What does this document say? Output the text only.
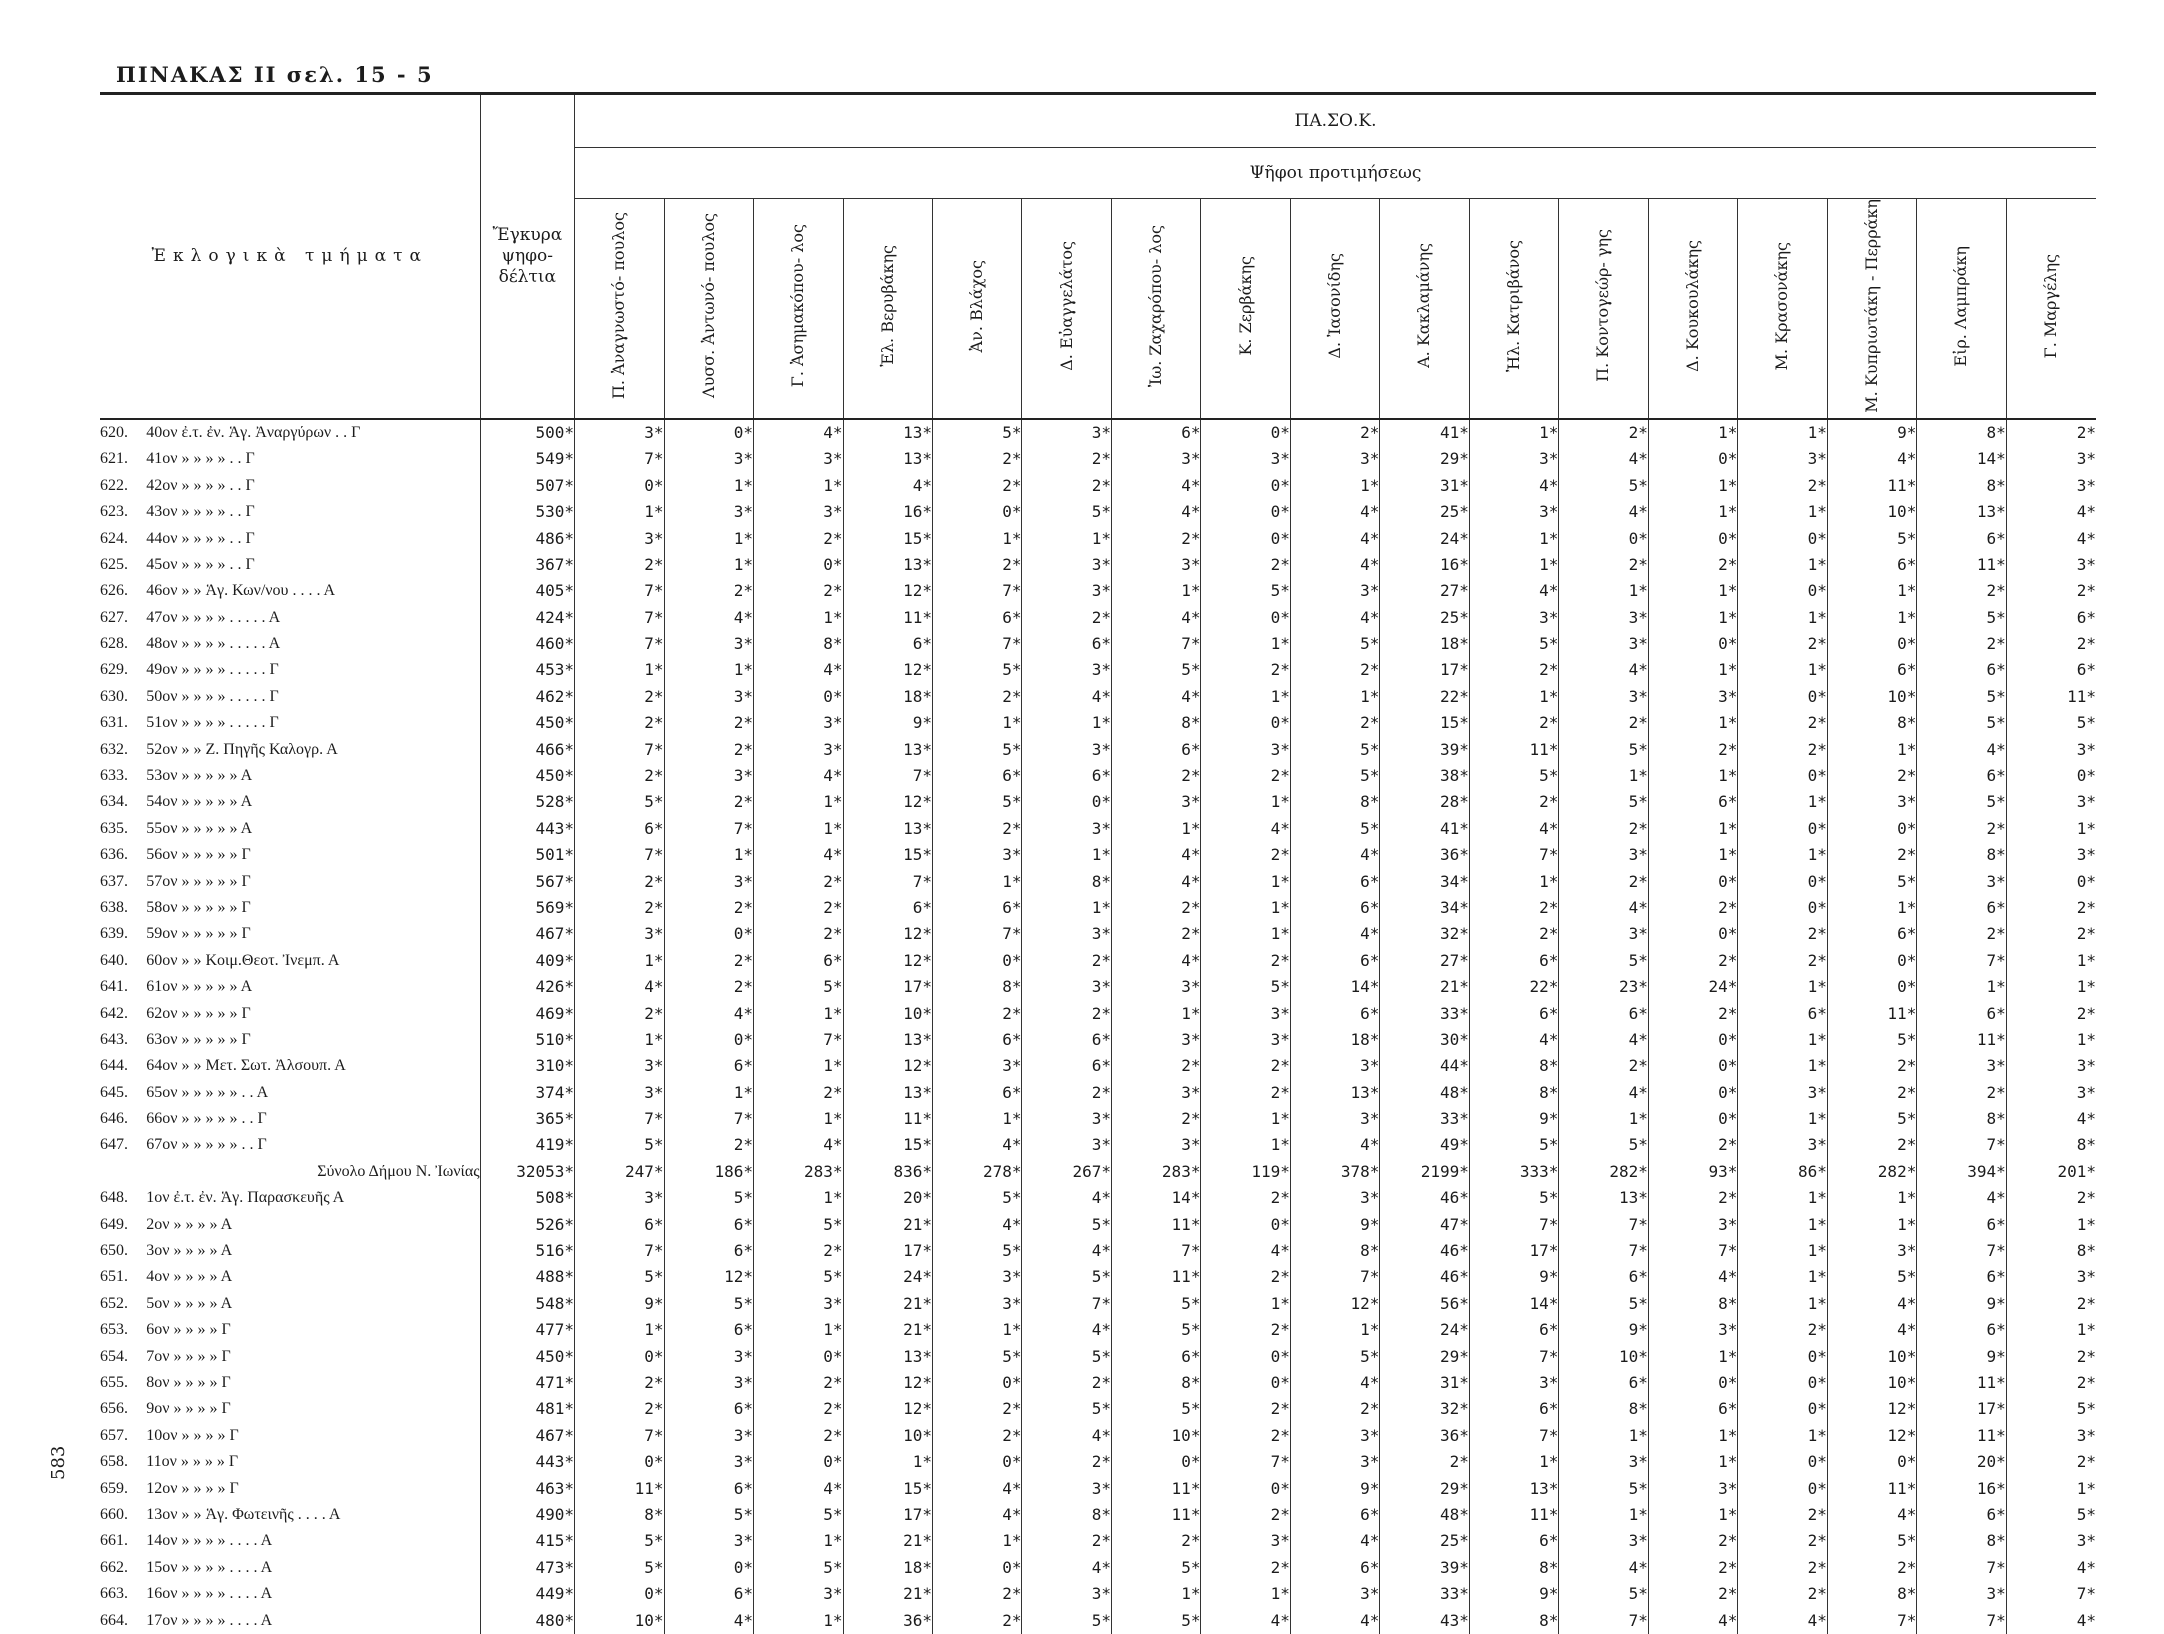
ΠΙΝΑΚΑΣ ΙΙ σελ. 15 - 5
583
Ἐκλογικὰ τμήματα		Ἔγκυρα ψηφο- δέλτια	ΠΑ.ΣΟ.Κ.																
			Ψῆφοι προτιμήσεως																
			Π. Ἀναγνωστό- πουλος	Λυσσ. Ἀντωνό- πουλος	Γ. Ἀσημακόπου- λος	Ἐλ. Βερυβάκης	Ἀν. Βλάχος	Δ. Εὐαγγελάτος	Ἰω. Ζαχαρόπου- λος	Κ. Ζερβάκης	Δ. Ἰασονίδης	Α. Κακλαμάνης	Ἠλ. Κατριβάνος	Π. Κοντογεώρ- γης	Δ. Κουκουλάκης	Μ. Κρασονάκης	Μ. Κυπριωτάκη - Περράκη	Εἰρ. Λαμπράκη	Γ. Μαργέλης
620.	40ον ἐ.τ. ἐν. Ἁγ. Ἀναργύρων . . Γ	500*	3*	0*	4*	13*	5*	3*	6*	0*	2*	41*	1*	2*	1*	1*	9*	8*	2*
621.	41ον » » » » . . Γ	549*	7*	3*	3*	13*	2*	2*	3*	3*	3*	29*	3*	4*	0*	3*	4*	14*	3*
622.	42ον » » » » . . Γ	507*	0*	1*	1*	4*	2*	2*	4*	0*	1*	31*	4*	5*	1*	2*	11*	8*	3*
623.	43ον » » » » . . Γ	530*	1*	3*	3*	16*	0*	5*	4*	0*	4*	25*	3*	4*	1*	1*	10*	13*	4*
624.	44ον » » » » . . Γ	486*	3*	1*	2*	15*	1*	1*	2*	0*	4*	24*	1*	0*	0*	0*	5*	6*	4*
625.	45ον » » » » . . Γ	367*	2*	1*	0*	13*	2*	3*	3*	2*	4*	16*	1*	2*	2*	1*	6*	11*	3*
626.	46ον » » Ἁγ. Κων/νου . . . . Α	405*	7*	2*	2*	12*	7*	3*	1*	5*	3*	27*	4*	1*	1*	0*	1*	2*	2*
627.	47ον » » » » . . . . . Α	424*	7*	4*	1*	11*	6*	2*	4*	0*	4*	25*	3*	3*	1*	1*	1*	5*	6*
628.	48ον » » » » . . . . . Α	460*	7*	3*	8*	6*	7*	6*	7*	1*	5*	18*	5*	3*	0*	2*	0*	2*	2*
629.	49ον » » » » . . . . . Γ	453*	1*	1*	4*	12*	5*	3*	5*	2*	2*	17*	2*	4*	1*	1*	6*	6*	6*
630.	50ον » » » » . . . . . Γ	462*	2*	3*	0*	18*	2*	4*	4*	1*	1*	22*	1*	3*	3*	0*	10*	5*	11*
631.	51ον » » » » . . . . . Γ	450*	2*	2*	3*	9*	1*	1*	8*	0*	2*	15*	2*	2*	1*	2*	8*	5*	5*
632.	52ον » » Ζ. Πηγῆς Καλογρ. Α	466*	7*	2*	3*	13*	5*	3*	6*	3*	5*	39*	11*	5*	2*	2*	1*	4*	3*
633.	53ον » » » » » Α	450*	2*	3*	4*	7*	6*	6*	2*	2*	5*	38*	5*	1*	1*	0*	2*	6*	0*
634.	54ον » » » » » Α	528*	5*	2*	1*	12*	5*	0*	3*	1*	8*	28*	2*	5*	6*	1*	3*	5*	3*
635.	55ον » » » » » Α	443*	6*	7*	1*	13*	2*	3*	1*	4*	5*	41*	4*	2*	1*	0*	0*	2*	1*
636.	56ον » » » » » Γ	501*	7*	1*	4*	15*	3*	1*	4*	2*	4*	36*	7*	3*	1*	1*	2*	8*	3*
637.	57ον » » » » » Γ	567*	2*	3*	2*	7*	1*	8*	4*	1*	6*	34*	1*	2*	0*	0*	5*	3*	0*
638.	58ον » » » » » Γ	569*	2*	2*	2*	6*	6*	1*	2*	1*	6*	34*	2*	4*	2*	0*	1*	6*	2*
639.	59ον » » » » » Γ	467*	3*	0*	2*	12*	7*	3*	2*	1*	4*	32*	2*	3*	0*	2*	6*	2*	2*
640.	60ον » » Κοιμ.Θεοτ. Ἰνεμπ. Α	409*	1*	2*	6*	12*	0*	2*	4*	2*	6*	27*	6*	5*	2*	2*	0*	7*	1*
641.	61ον » » » » » Α	426*	4*	2*	5*	17*	8*	3*	3*	5*	14*	21*	22*	23*	24*	1*	0*	1*	1*
642.	62ον » » » » » Γ	469*	2*	4*	1*	10*	2*	2*	1*	3*	6*	33*	6*	6*	2*	6*	11*	6*	2*
643.	63ον » » » » » Γ	510*	1*	0*	7*	13*	6*	6*	3*	3*	18*	30*	4*	4*	0*	1*	5*	11*	1*
644.	64ον » » Μετ. Σωτ. Ἀλσουπ. Α	310*	3*	6*	1*	12*	3*	6*	2*	2*	3*	44*	8*	2*	0*	1*	2*	3*	3*
645.	65ον » » » » » . . Α	374*	3*	1*	2*	13*	6*	2*	3*	2*	13*	48*	8*	4*	0*	3*	2*	2*	3*
646.	66ον » » » » » . . Γ	365*	7*	7*	1*	11*	1*	3*	2*	1*	3*	33*	9*	1*	0*	1*	5*	8*	4*
647.	67ον » » » » » . . Γ	419*	5*	2*	4*	15*	4*	3*	3*	1*	4*	49*	5*	5*	2*	3*	2*	7*	8*
	Σύνολο Δήμου Ν. Ἰωνίας	32053*	247*	186*	283*	836*	278*	267*	283*	119*	378*	2199*	333*	282*	93*	86*	282*	394*	201*
648.	1ον ἐ.τ. ἐν. Ἁγ. Παρασκευῆς Α	508*	3*	5*	1*	20*	5*	4*	14*	2*	3*	46*	5*	13*	2*	1*	1*	4*	2*
649.	2ον » » » » Α	526*	6*	6*	5*	21*	4*	5*	11*	0*	9*	47*	7*	7*	3*	1*	1*	6*	1*
650.	3ον » » » » Α	516*	7*	6*	2*	17*	5*	4*	7*	4*	8*	46*	17*	7*	7*	1*	3*	7*	8*
651.	4ον » » » » Α	488*	5*	12*	5*	24*	3*	5*	11*	2*	7*	46*	9*	6*	4*	1*	5*	6*	3*
652.	5ον » » » » Α	548*	9*	5*	3*	21*	3*	7*	5*	1*	12*	56*	14*	5*	8*	1*	4*	9*	2*
653.	6ον » » » » Γ	477*	1*	6*	1*	21*	1*	4*	5*	2*	1*	24*	6*	9*	3*	2*	4*	6*	1*
654.	7ον » » » » Γ	450*	0*	3*	0*	13*	5*	5*	6*	0*	5*	29*	7*	10*	1*	0*	10*	9*	2*
655.	8ον » » » » Γ	471*	2*	3*	2*	12*	0*	2*	8*	0*	4*	31*	3*	6*	0*	0*	10*	11*	2*
656.	9ον » » » » Γ	481*	2*	6*	2*	12*	2*	5*	5*	2*	2*	32*	6*	8*	6*	0*	12*	17*	5*
657.	10ον » » » » Γ	467*	7*	3*	2*	10*	2*	4*	10*	2*	3*	36*	7*	1*	1*	1*	12*	11*	3*
658.	11ον » » » » Γ	443*	0*	3*	0*	1*	0*	2*	0*	7*	3*	2*	1*	3*	1*	0*	0*	20*	2*
659.	12ον » » » » Γ	463*	11*	6*	4*	15*	4*	3*	11*	0*	9*	29*	13*	5*	3*	0*	11*	16*	1*
660.	13ον » » Ἁγ. Φωτεινῆς . . . . Α	490*	8*	5*	5*	17*	4*	8*	11*	2*	6*	48*	11*	1*	1*	2*	4*	6*	5*
661.	14ον » » » » . . . . Α	415*	5*	3*	1*	21*	1*	2*	2*	3*	4*	25*	6*	3*	2*	2*	5*	8*	3*
662.	15ον » » » » . . . . Α	473*	5*	0*	5*	18*	0*	4*	5*	2*	6*	39*	8*	4*	2*	2*	2*	7*	4*
663.	16ον » » » » . . . . Α	449*	0*	6*	3*	21*	2*	3*	1*	1*	3*	33*	9*	5*	2*	2*	8*	3*	7*
664.	17ον » » » » . . . . Α	480*	10*	4*	1*	36*	2*	5*	5*	4*	4*	43*	8*	7*	4*	4*	7*	7*	4*
